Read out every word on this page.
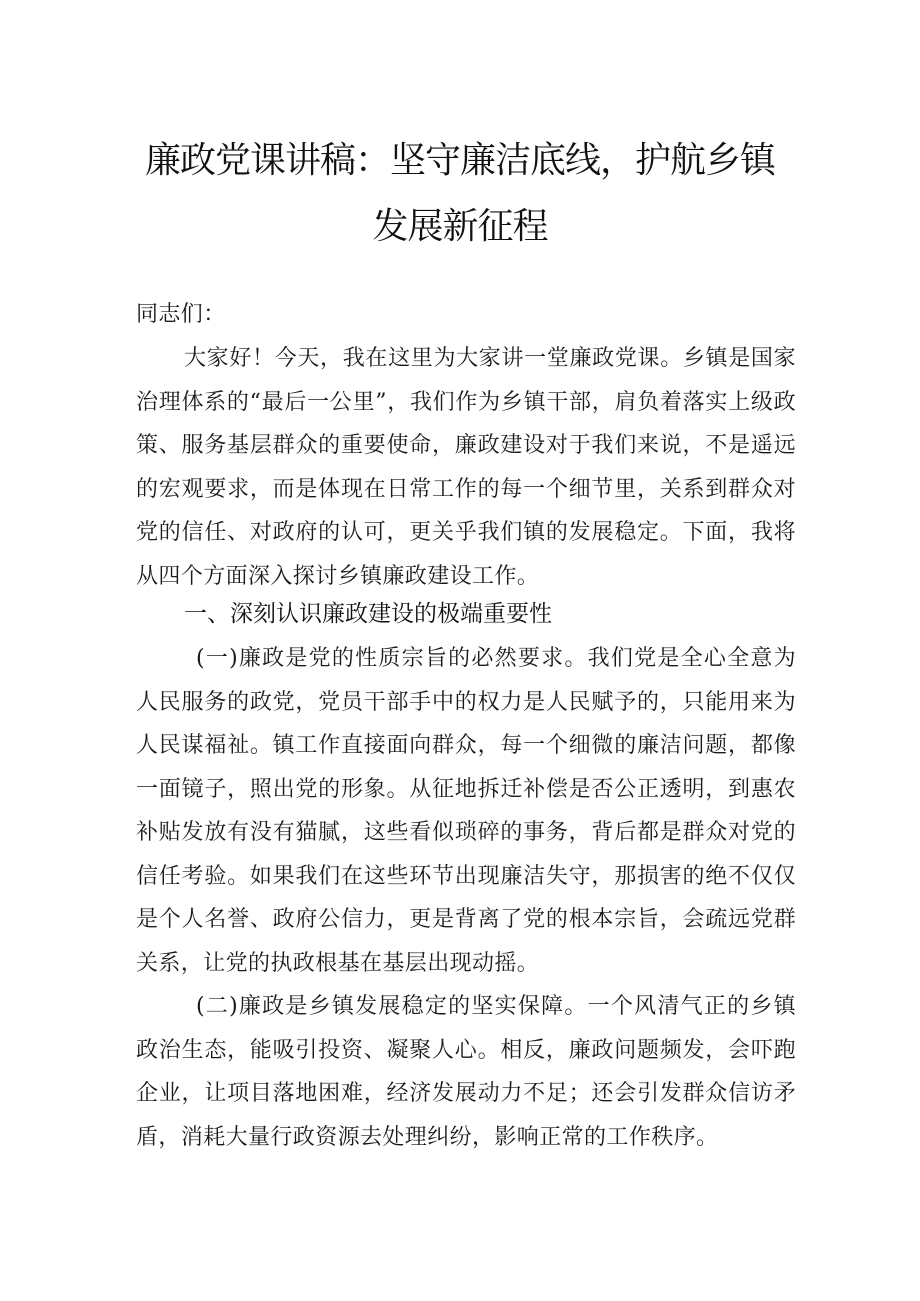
廉政党课讲稿：坚守廉洁底线，护航乡镇
发展新征程
同志们：
大家好！今天，我在这里为大家讲一堂廉政党课。乡镇是国家治理体系的“最后一公里”，我们作为乡镇干部，肩负着落实上级政策、服务基层群众的重要使命，廉政建设对于我们来说，不是遥远的宏观要求，而是体现在日常工作的每一个细节里，关系到群众对党的信任、对政府的认可，更关乎我们镇的发展稳定。下面，我将从四个方面深入探讨乡镇廉政建设工作。
一、深刻认识廉政建设的极端重要性
(一)廉政是党的性质宗旨的必然要求。我们党是全心全意为人民服务的政党，党员干部手中的权力是人民赋予的，只能用来为人民谋福祉。镇工作直接面向群众，每一个细微的廉洁问题，都像一面镜子，照出党的形象。从征地拆迁补偿是否公正透明，到惠农补贴发放有没有猫腻，这些看似琐碎的事务，背后都是群众对党的信任考验。如果我们在这些环节出现廉洁失守，那损害的绝不仅仅是个人名誉、政府公信力，更是背离了党的根本宗旨，会疏远党群关系，让党的执政根基在基层出现动摇。
(二)廉政是乡镇发展稳定的坚实保障。一个风清气正的乡镇政治生态，能吸引投资、凝聚人心。相反，廉政问题频发，会吓跑企业，让项目落地困难，经济发展动力不足；还会引发群众信访矛盾，消耗大量行政资源去处理纠纷，影响正常的工作秩序。
